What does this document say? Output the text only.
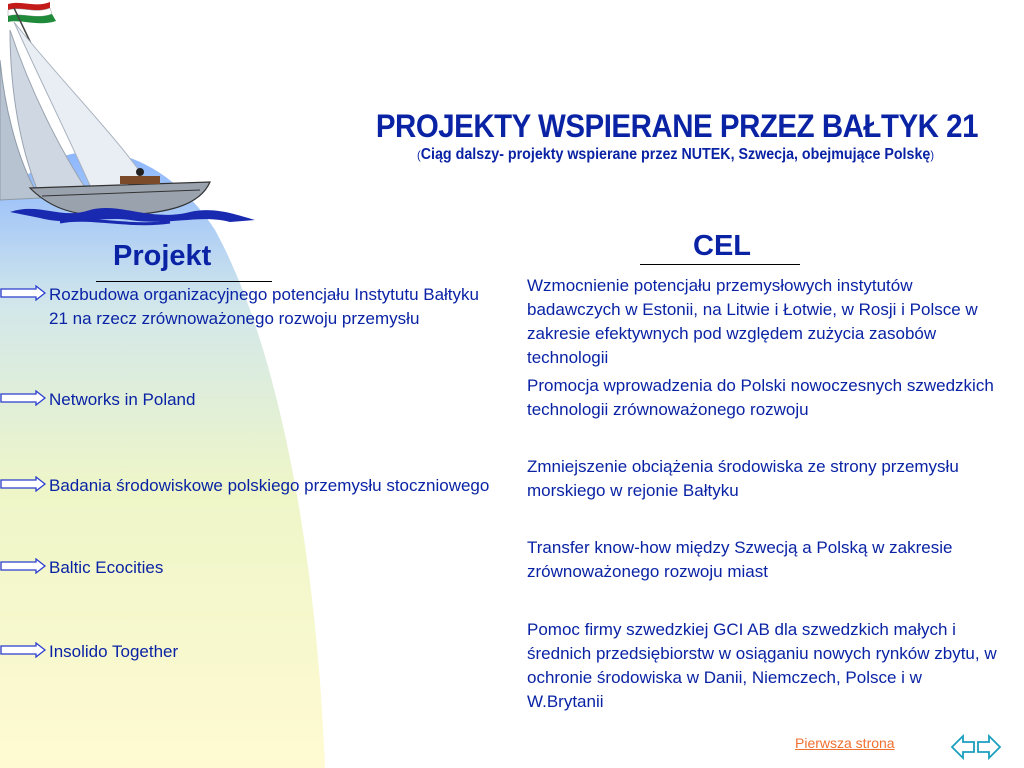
PROJEKTY WSPIERANE PRZEZ BAŁTYK 21
(Ciąg dalszy- projekty wspierane przez NUTEK, Szwecja, obejmujące Polskę)
Projekt	CEL
Rozbudowa organizacyjnego potencjału Instytutu Bałtyku 21 na rzecz zrównoważonego rozwoju przemysłu
Networks in Poland
Badania środowiskowe polskiego przemysłu stoczniowego
Baltic Ecocities
Insolido Together
Wzmocnienie potencjału przemysłowych instytutów badawczych w Estonii, na Litwie i Łotwie, w Rosji i Polsce w zakresie efektywnych pod względem zużycia zasobów technologii
Promocja wprowadzenia do Polski nowoczesnych szwedzkich technologii zrównoważonego rozwoju
Zmniejszenie obciążenia środowiska ze strony przemysłu morskiego w rejonie Bałtyku
Transfer know-how między Szwecją a Polską w zakresie zrównoważonego rozwoju miast
Pomoc firmy szwedzkiej GCI AB dla szwedzkich małych i średnich przedsiębiorstw w osiąganiu nowych rynków zbytu, w ochronie środowiska w Danii, Niemczech, Polsce i w W.Brytanii
Pierwsza strona
